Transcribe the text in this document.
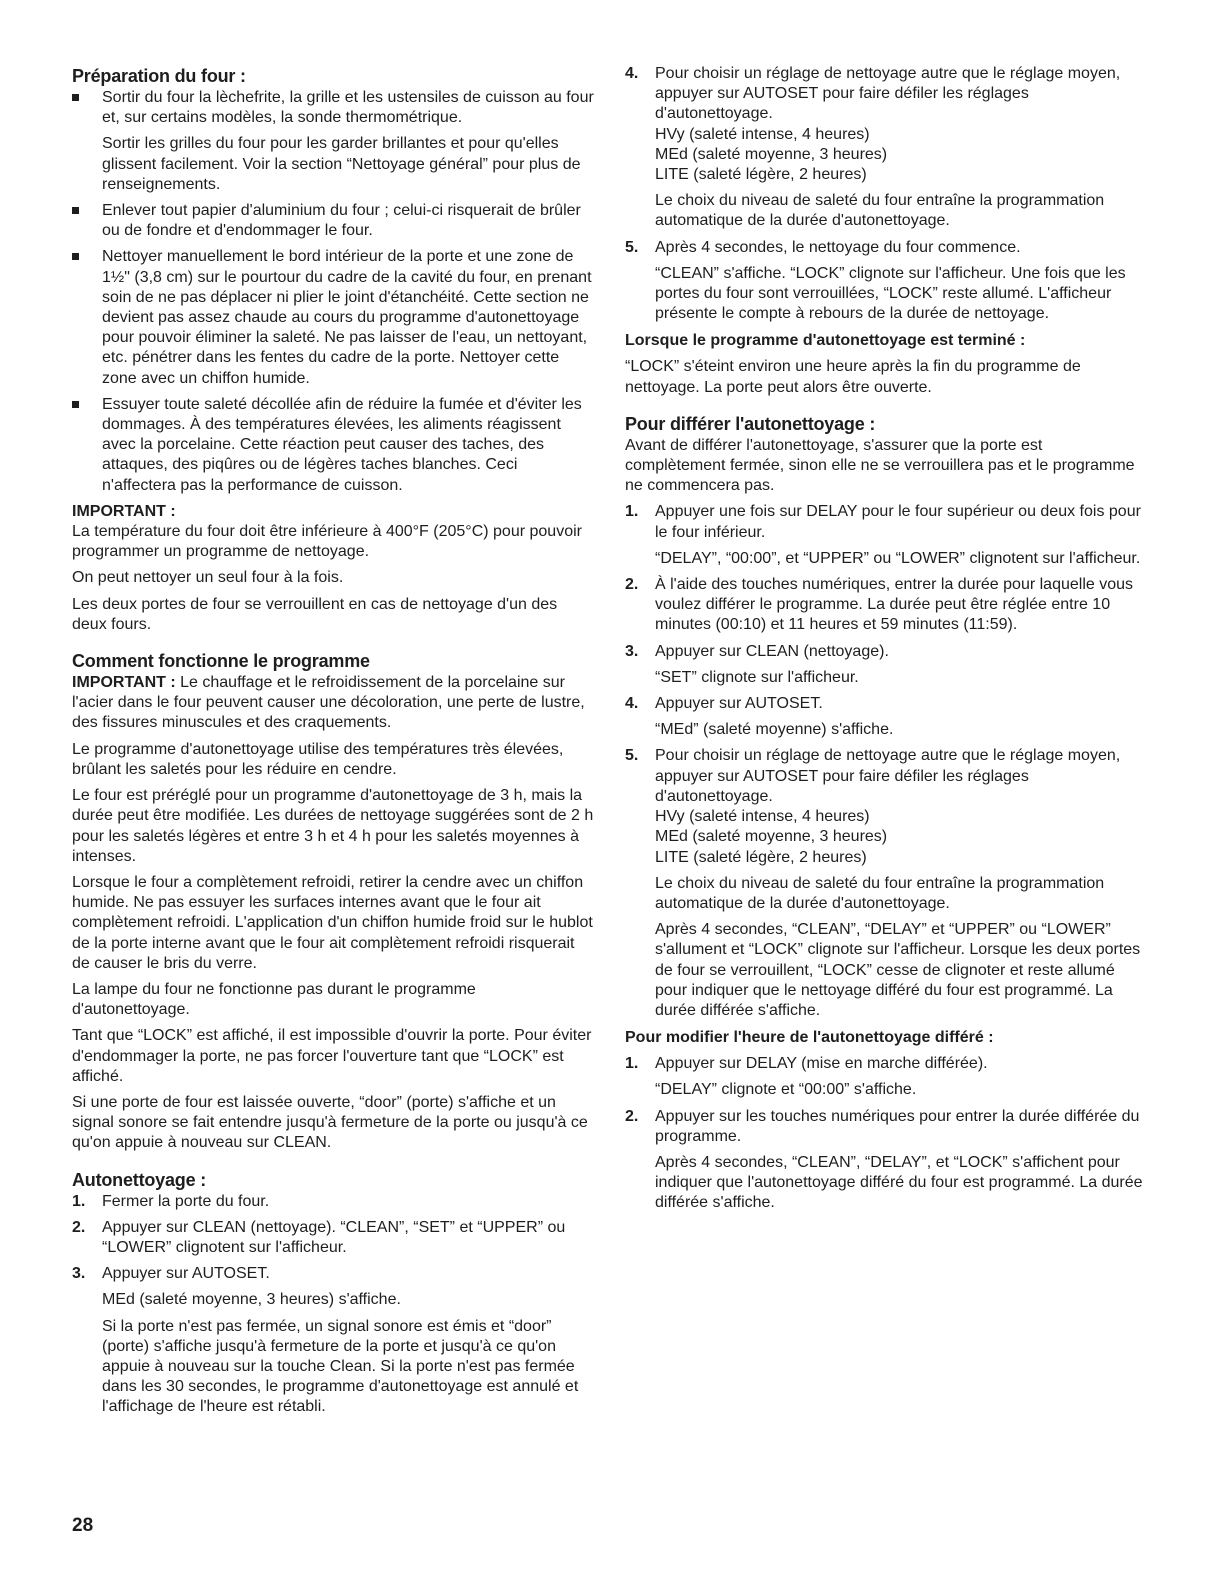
Préparation du four :

Sortir du four la lèchefrite, la grille et les ustensiles de cuisson au four et, sur certains modèles, la sonde thermométrique.

Sortir les grilles du four pour les garder brillantes et pour qu'elles glissent facilement. Voir la section “Nettoyage général” pour plus de renseignements.

Enlever tout papier d'aluminium du four ; celui-ci risquerait de brûler ou de fondre et d'endommager le four.

Nettoyer manuellement le bord intérieur de la porte et une zone de 1½" (3,8 cm) sur le pourtour du cadre de la cavité du four, en prenant soin de ne pas déplacer ni plier le joint d'étanchéité. Cette section ne devient pas assez chaude au cours du programme d'autonettoyage pour pouvoir éliminer la saleté. Ne pas laisser de l'eau, un nettoyant, etc. pénétrer dans les fentes du cadre de la porte. Nettoyer cette zone avec un chiffon humide.

Essuyer toute saleté décollée afin de réduire la fumée et d'éviter les dommages. À des températures élevées, les aliments réagissent avec la porcelaine. Cette réaction peut causer des taches, des attaques, des piqûres ou de légères taches blanches. Ceci n'affectera pas la performance de cuisson.

IMPORTANT :

La température du four doit être inférieure à 400°F (205°C) pour pouvoir programmer un programme de nettoyage.

On peut nettoyer un seul four à la fois.

Les deux portes de four se verrouillent en cas de nettoyage d'un des deux fours.

Comment fonctionne le programme

IMPORTANT : Le chauffage et le refroidissement de la porcelaine sur l'acier dans le four peuvent causer une décoloration, une perte de lustre, des fissures minuscules et des craquements.

Le programme d'autonettoyage utilise des températures très élevées, brûlant les saletés pour les réduire en cendre.

Le four est préréglé pour un programme d'autonettoyage de 3 h, mais la durée peut être modifiée. Les durées de nettoyage suggérées sont de 2 h pour les saletés légères et entre 3 h et 4 h pour les saletés moyennes à intenses.

Lorsque le four a complètement refroidi, retirer la cendre avec un chiffon humide. Ne pas essuyer les surfaces internes avant que le four ait complètement refroidi. L'application d'un chiffon humide froid sur le hublot de la porte interne avant que le four ait complètement refroidi risquerait de causer le bris du verre.

La lampe du four ne fonctionne pas durant le programme d'autonettoyage.

Tant que “LOCK” est affiché, il est impossible d'ouvrir la porte. Pour éviter d'endommager la porte, ne pas forcer l'ouverture tant que “LOCK” est affiché.

Si une porte de four est laissée ouverte, “door” (porte) s'affiche et un signal sonore se fait entendre jusqu'à fermeture de la porte ou jusqu'à ce qu'on appuie à nouveau sur CLEAN.

Autonettoyage :

1. Fermer la porte du four.

2. Appuyer sur CLEAN (nettoyage). “CLEAN”, “SET” et “UPPER” ou “LOWER” clignotent sur l'afficheur.

3. Appuyer sur AUTOSET.

MEd (saleté moyenne, 3 heures) s'affiche.

Si la porte n'est pas fermée, un signal sonore est émis et “door” (porte) s'affiche jusqu'à fermeture de la porte et jusqu'à ce qu'on appuie à nouveau sur la touche Clean. Si la porte n'est pas fermée dans les 30 secondes, le programme d'autonettoyage est annulé et l'affichage de l'heure est rétabli.

4. Pour choisir un réglage de nettoyage autre que le réglage moyen, appuyer sur AUTOSET pour faire défiler les réglages d'autonettoyage.

HVy (saleté intense, 4 heures)

MEd (saleté moyenne, 3 heures)

LITE (saleté légère, 2 heures)

Le choix du niveau de saleté du four entraîne la programmation automatique de la durée d'autonettoyage.

5. Après 4 secondes, le nettoyage du four commence.

“CLEAN” s'affiche. “LOCK” clignote sur l'afficheur. Une fois que les portes du four sont verrouillées, “LOCK” reste allumé. L'afficheur présente le compte à rebours de la durée de nettoyage.

Lorsque le programme d'autonettoyage est terminé :

“LOCK” s'éteint environ une heure après la fin du programme de nettoyage. La porte peut alors être ouverte.

Pour différer l'autonettoyage :

Avant de différer l'autonettoyage, s'assurer que la porte est complètement fermée, sinon elle ne se verrouillera pas et le programme ne commencera pas.

1. Appuyer une fois sur DELAY pour le four supérieur ou deux fois pour le four inférieur.

“DELAY”, “00:00”, et “UPPER” ou “LOWER” clignotent sur l'afficheur.

2. À l'aide des touches numériques, entrer la durée pour laquelle vous voulez différer le programme. La durée peut être réglée entre 10 minutes (00:10) et 11 heures et 59 minutes (11:59).

3. Appuyer sur CLEAN (nettoyage).

“SET” clignote sur l'afficheur.

4. Appuyer sur AUTOSET.

“MEd” (saleté moyenne) s'affiche.

5. Pour choisir un réglage de nettoyage autre que le réglage moyen, appuyer sur AUTOSET pour faire défiler les réglages d'autonettoyage.

HVy (saleté intense, 4 heures)

MEd (saleté moyenne, 3 heures)

LITE (saleté légère, 2 heures)

Le choix du niveau de saleté du four entraîne la programmation automatique de la durée d'autonettoyage.

Après 4 secondes, “CLEAN”, “DELAY” et “UPPER” ou “LOWER” s'allument et “LOCK” clignote sur l'afficheur. Lorsque les deux portes de four se verrouillent, “LOCK” cesse de clignoter et reste allumé pour indiquer que le nettoyage différé du four est programmé. La durée différée s'affiche.

Pour modifier l'heure de l'autonettoyage différé :

1. Appuyer sur DELAY (mise en marche différée).

“DELAY” clignote et “00:00” s'affiche.

2. Appuyer sur les touches numériques pour entrer la durée différée du programme.

Après 4 secondes, “CLEAN”, “DELAY”, et “LOCK” s'affichent pour indiquer que l'autonettoyage différé du four est programmé. La durée différée s'affiche.

28
